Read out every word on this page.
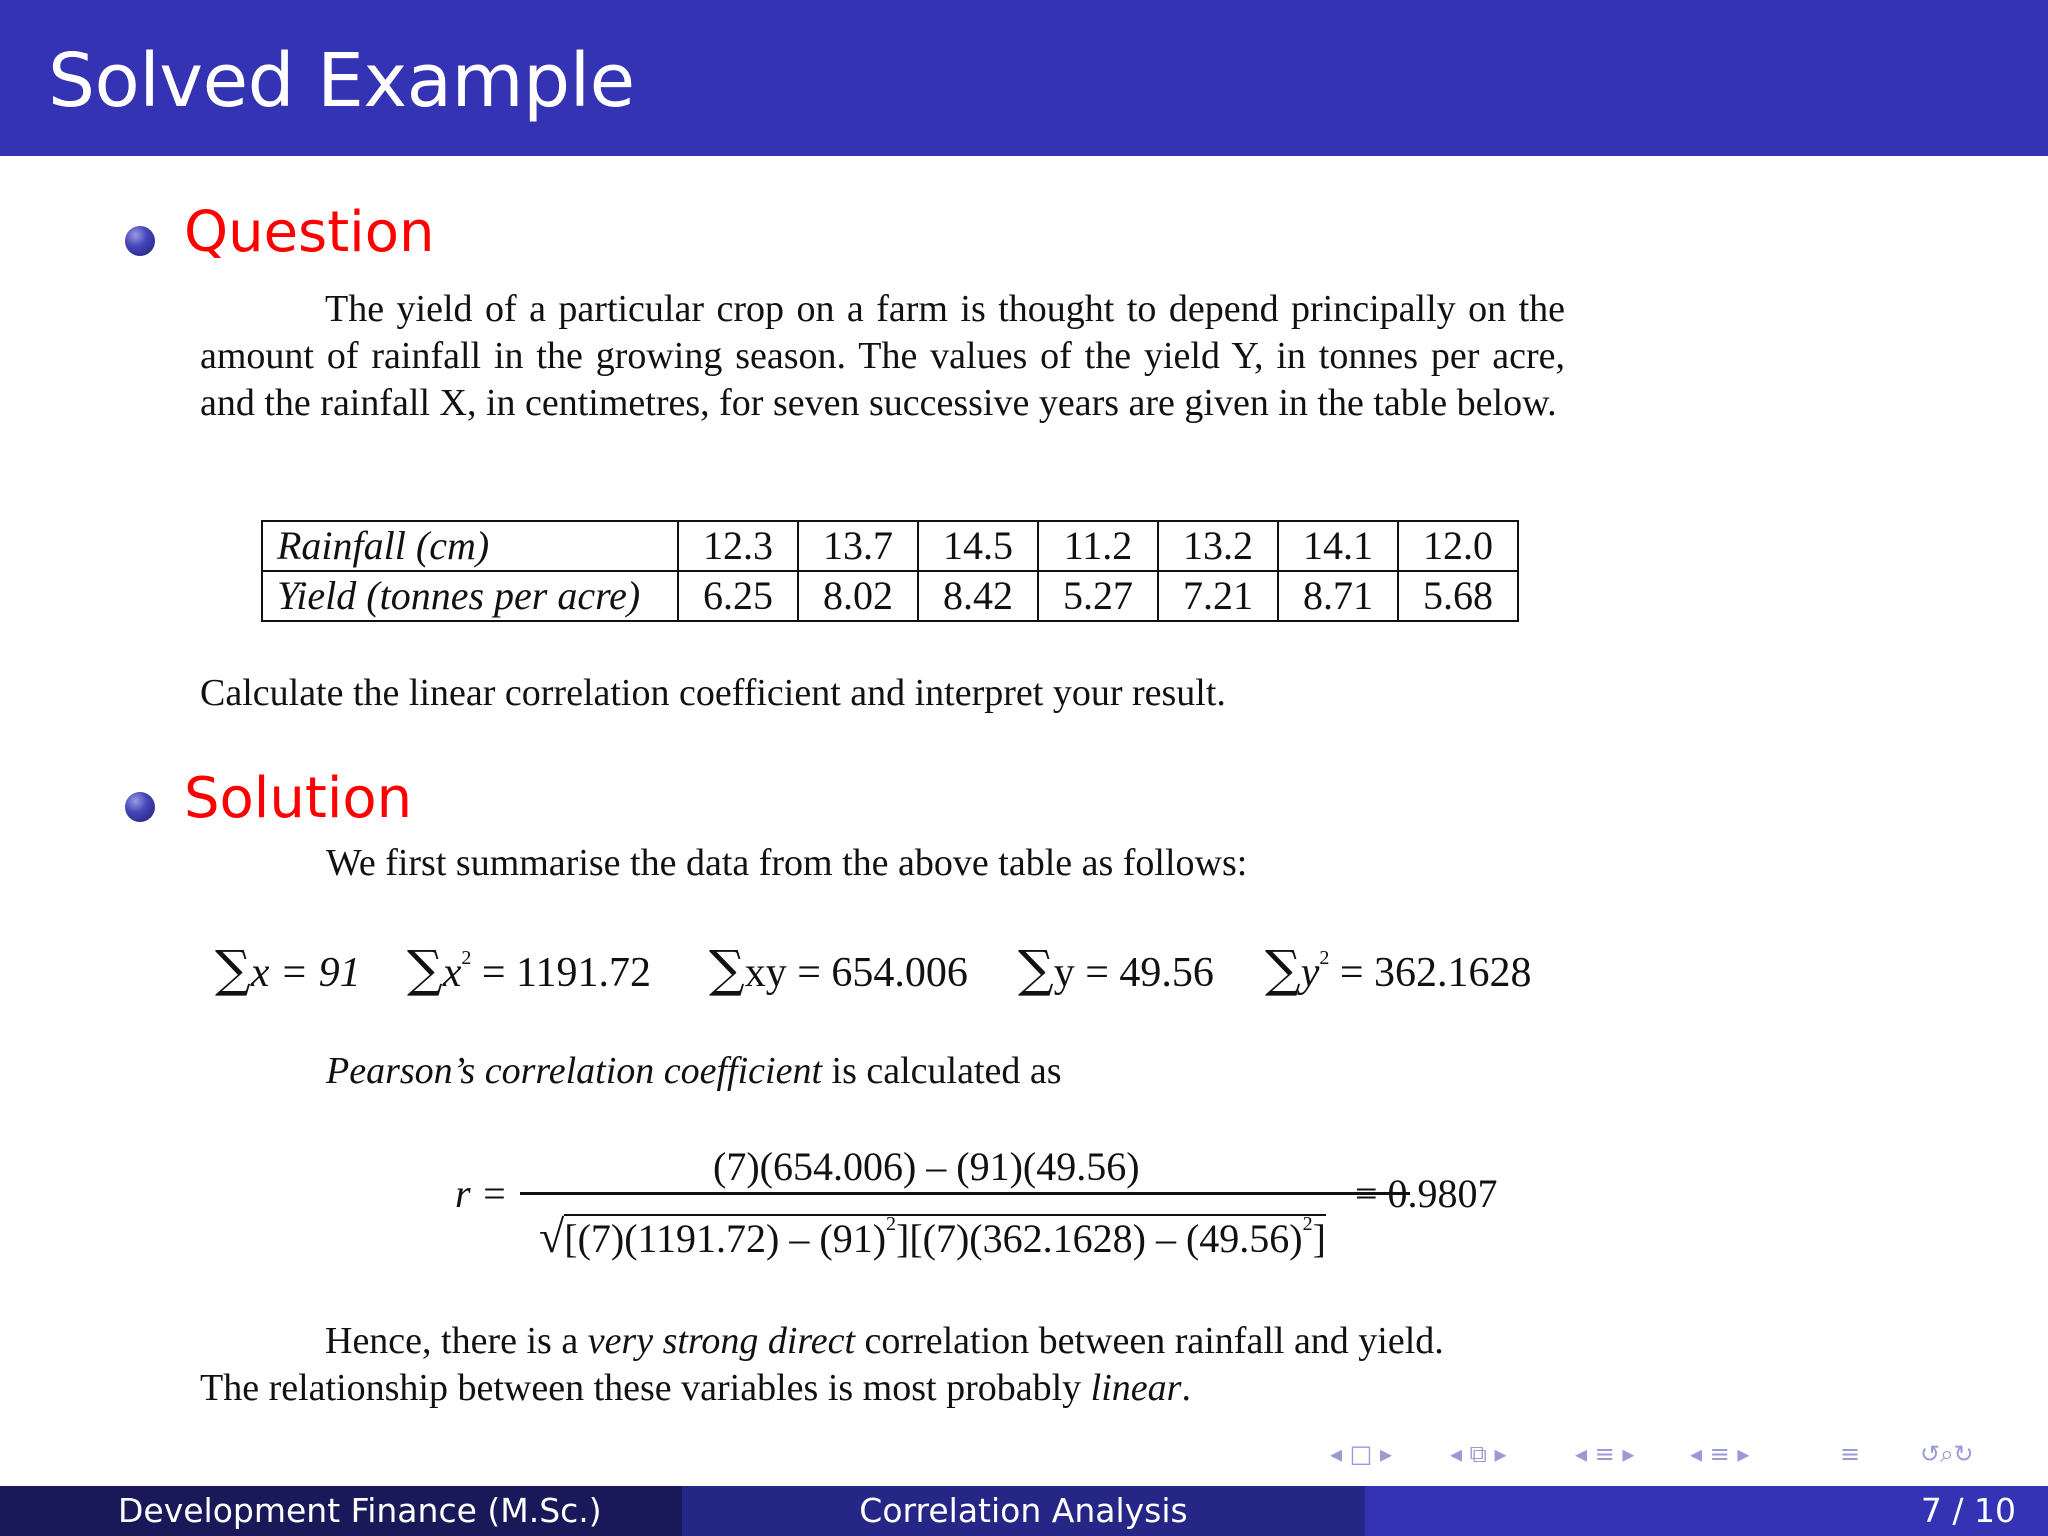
Solved Example
Question
The yield of a particular crop on a farm is thought to depend principally on the amount of rainfall in the growing season. The values of the yield Y, in tonnes per acre, and the rainfall X, in centimetres, for seven successive years are given in the table below.
Rainfall (cm)	12.3	13.7	14.5	11.2	13.2	14.1	12.0
Yield (tonnes per acre)	6.25	8.02	8.42	5.27	7.21	8.71	5.68
Calculate the linear correlation coefficient and interpret your result.
Solution
We first summarise the data from the above table as follows:
∑x = 91 $\sum x^2 = 1191.72$ ∑xy = 654.006 ∑y = 49.56 $\sum y^2 = 362.1628$
Pearson’s correlation coefficient is calculated as
r =
(7)(654.006) – (91)(49.56)
$√[(7)(1191.72) - (91)^2][(7)(362.1628) - (49.56)^2]$
= 0.9807
Hence, there is a very strong direct correlation between rainfall and yield.
The relationship between these variables is most probably linear.
◂ □ ▸ ◂ ⧉ ▸	◂ ≡ ▸ ◂ ≡ ▸	≡ ↺⌕↻
Development Finance (M.Sc.)	Correlation Analysis	7 / 10
